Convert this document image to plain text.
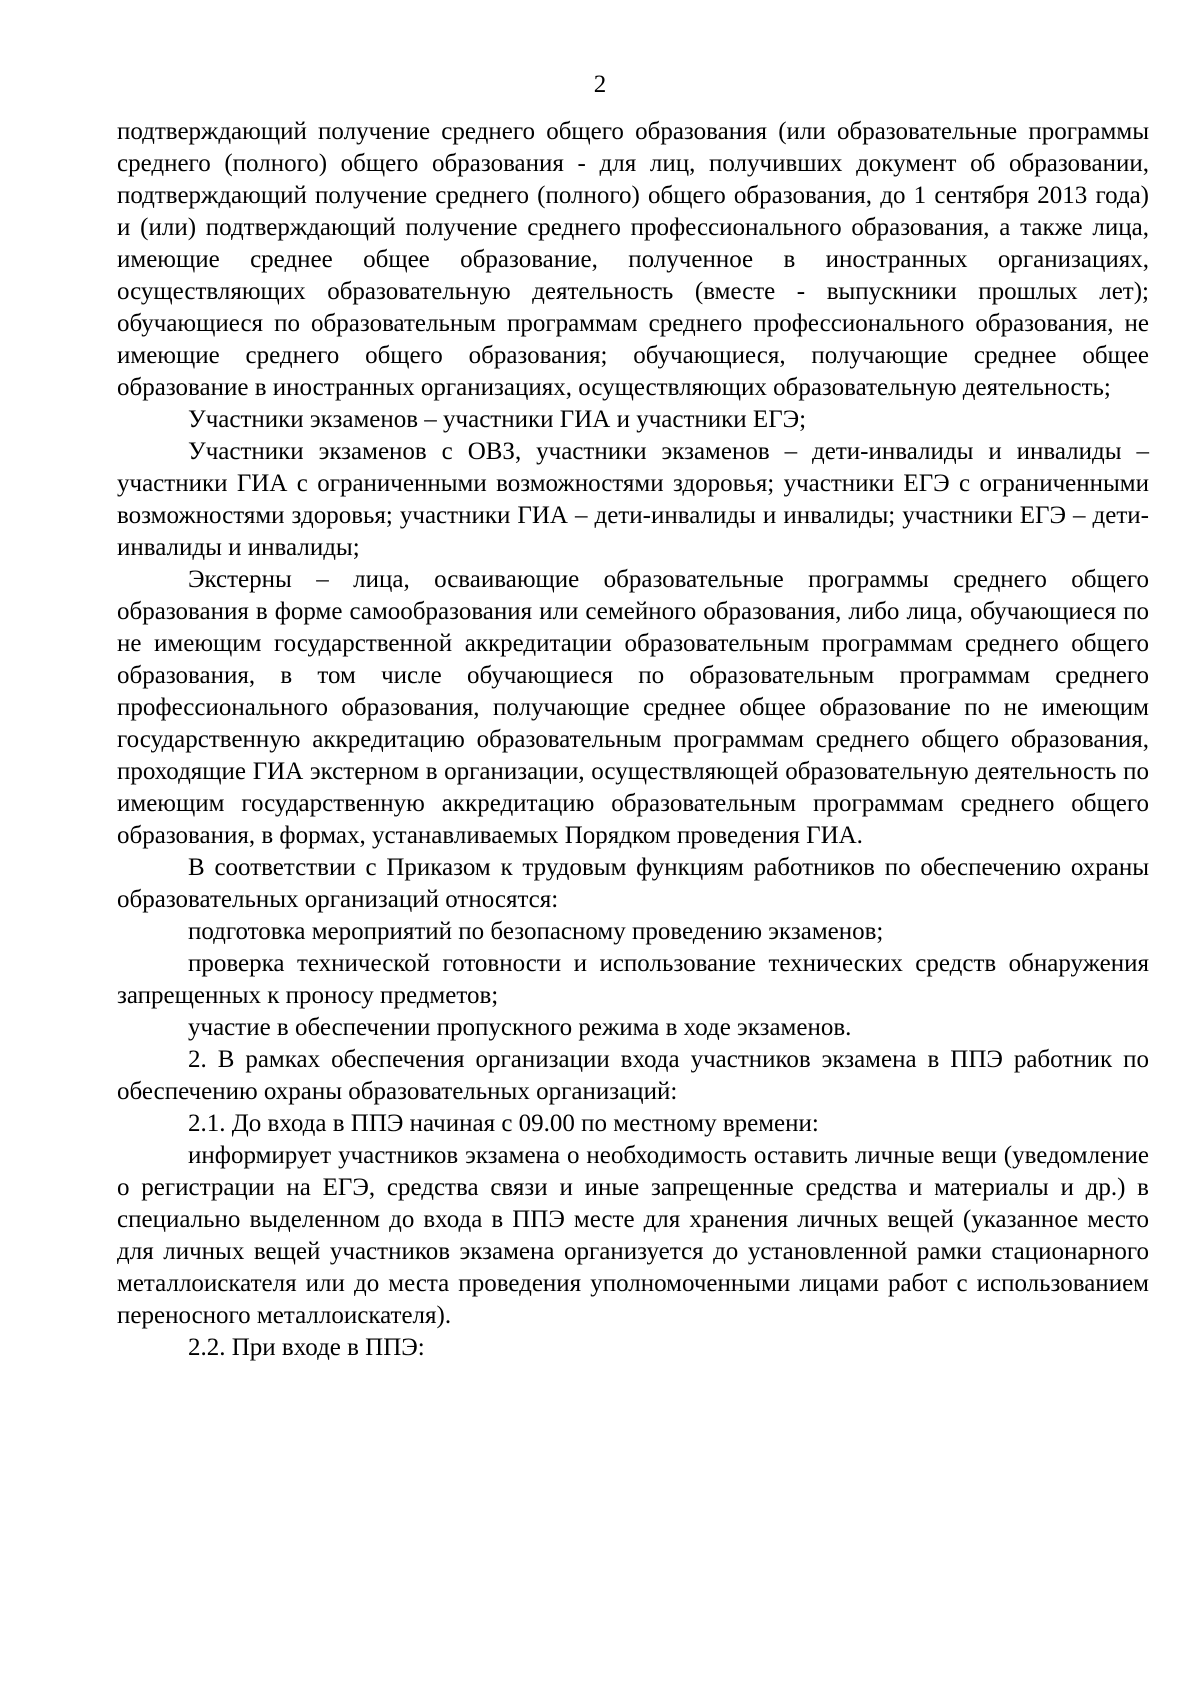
2

подтверждающий получение среднего общего образования (или образовательные программы среднего (полного) общего образования - для лиц, получивших документ об образовании, подтверждающий получение среднего (полного) общего образования, до 1 сентября 2013 года) и (или) подтверждающий получение среднего профессионального образования, а также лица, имеющие среднее общее образование, полученное в иностранных организациях, осуществляющих образовательную деятельность (вместе - выпускники прошлых лет); обучающиеся по образовательным программам среднего профессионального образования, не имеющие среднего общего образования; обучающиеся, получающие среднее общее образование в иностранных организациях, осуществляющих образовательную деятельность;

Участники экзаменов – участники ГИА и участники ЕГЭ;

Участники экзаменов с ОВЗ, участники экзаменов – дети-инвалиды и инвалиды – участники ГИА с ограниченными возможностями здоровья; участники ЕГЭ с ограниченными возможностями здоровья; участники ГИА – дети-инвалиды и инвалиды; участники ЕГЭ – дети-инвалиды и инвалиды;

Экстерны – лица, осваивающие образовательные программы среднего общего образования в форме самообразования или семейного образования, либо лица, обучающиеся по не имеющим государственной аккредитации образовательным программам среднего общего образования, в том числе обучающиеся по образовательным программам среднего профессионального образования, получающие среднее общее образование по не имеющим государственную аккредитацию образовательным программам среднего общего образования, проходящие ГИА экстерном в организации, осуществляющей образовательную деятельность по имеющим государственную аккредитацию образовательным программам среднего общего образования, в формах, устанавливаемых Порядком проведения ГИА.

В соответствии с Приказом к трудовым функциям работников по обеспечению охраны образовательных организаций относятся:

подготовка мероприятий по безопасному проведению экзаменов;

проверка технической готовности и использование технических средств обнаружения запрещенных к проносу предметов;

участие в обеспечении пропускного режима в ходе экзаменов.

2. В рамках обеспечения организации входа участников экзамена в ППЭ работник по обеспечению охраны образовательных организаций:

2.1. До входа в ППЭ начиная с 09.00 по местному времени:

информирует участников экзамена о необходимость оставить личные вещи (уведомление о регистрации на ЕГЭ, средства связи и иные запрещенные средства и материалы и др.) в специально выделенном до входа в ППЭ месте для хранения личных вещей (указанное место для личных вещей участников экзамена организуется до установленной рамки стационарного металлоискателя или до места проведения уполномоченными лицами работ с использованием переносного металлоискателя).

2.2. При входе в ППЭ:
